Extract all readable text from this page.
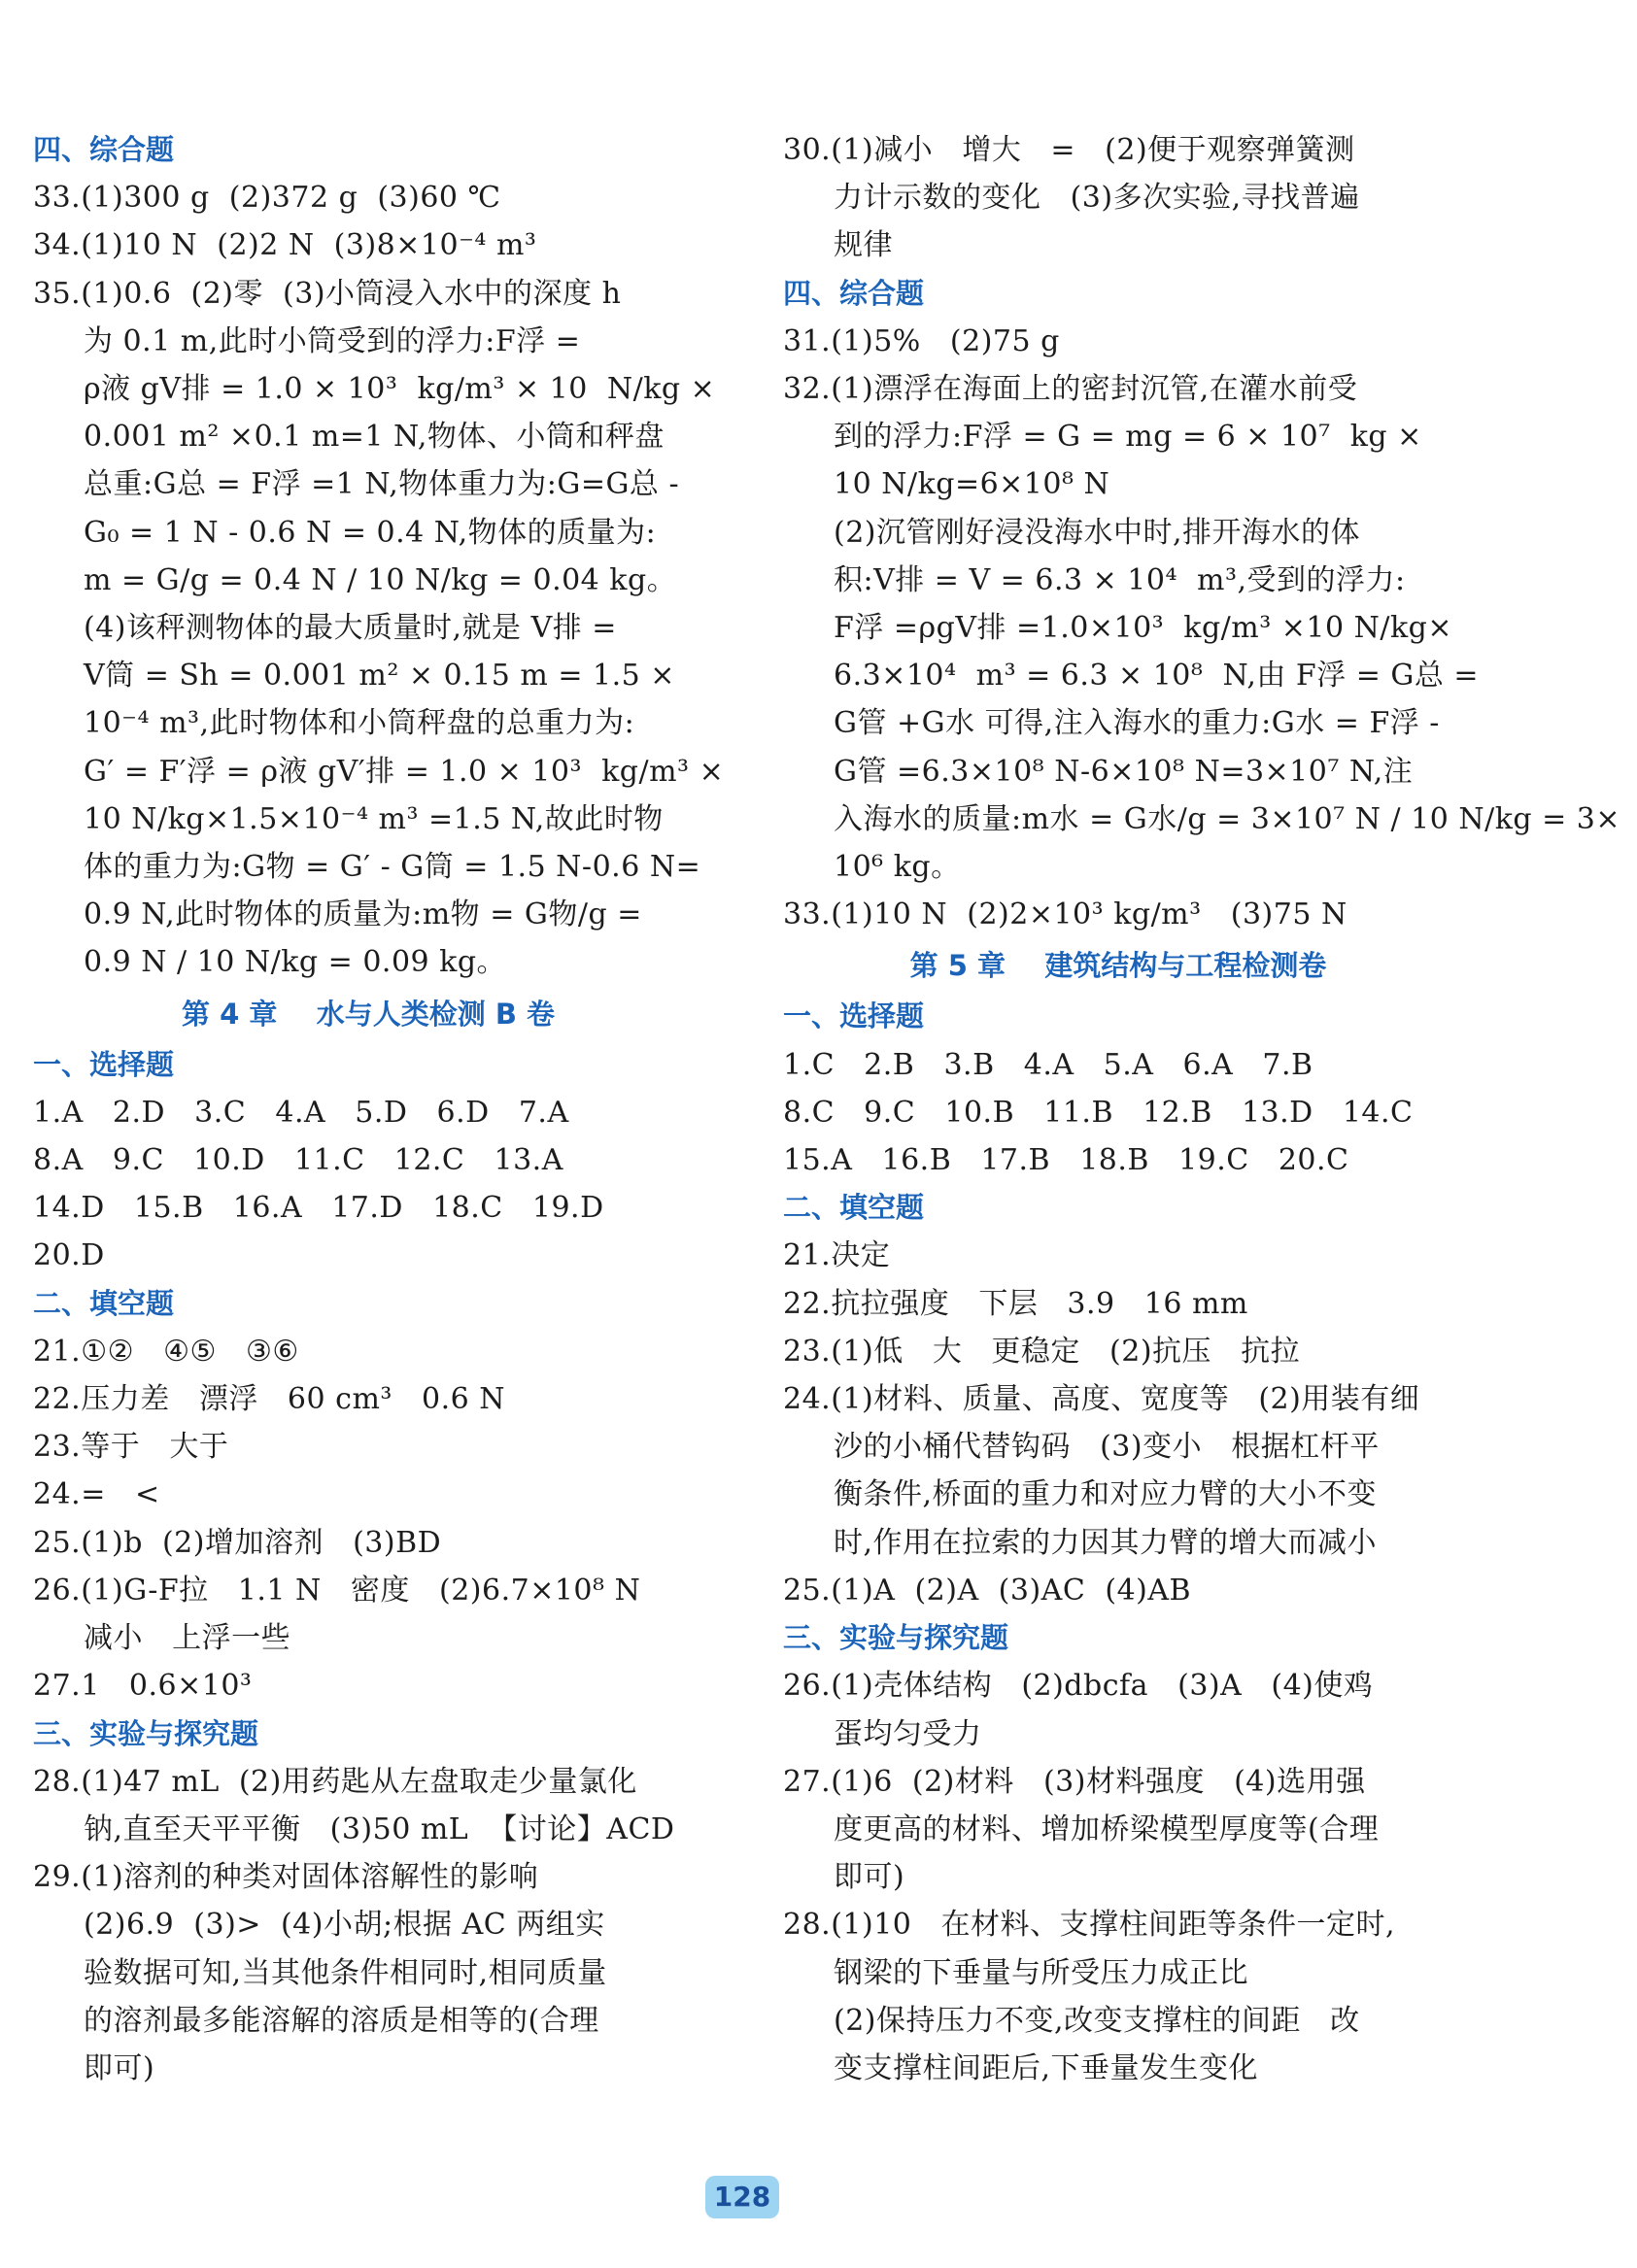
四、综合题
33.(1)300 g  (2)372 g  (3)60 ℃
34.(1)10 N  (2)2 N  (3)8×10⁻⁴ m³
35.(1)0.6  (2)零  (3)小筒浸入水中的深度 h
为 0.1 m,此时小筒受到的浮力:F浮 =
ρ液 gV排 = 1.0 × 10³  kg/m³ × 10  N/kg ×
0.001 m² ×0.1 m=1 N,物体、小筒和秤盘
总重:G总 = F浮 =1 N,物体重力为:G=G总 -
G₀ = 1 N - 0.6 N = 0.4 N,物体的质量为:
m = G/g = 0.4 N / 10 N/kg = 0.04 kg。
(4)该秤测物体的最大质量时,就是 V排 =
V筒 = Sh = 0.001 m² × 0.15 m = 1.5 ×
10⁻⁴ m³,此时物体和小筒秤盘的总重力为:
G′ = F′浮 = ρ液 gV′排 = 1.0 × 10³  kg/m³ ×
10 N/kg×1.5×10⁻⁴ m³ =1.5 N,故此时物
体的重力为:G物 = G′ - G筒 = 1.5 N-0.6 N=
0.9 N,此时物体的质量为:m物 = G物/g =
0.9 N / 10 N/kg = 0.09 kg。
第 4 章    水与人类检测 B 卷
一、选择题
1.A   2.D   3.C   4.A   5.D   6.D   7.A
8.A   9.C   10.D   11.C   12.C   13.A
14.D   15.B   16.A   17.D   18.C   19.D
20.D
二、填空题
21.①②   ④⑤   ③⑥
22.压力差   漂浮   60 cm³   0.6 N
23.等于   大于
24.=   <
25.(1)b  (2)增加溶剂   (3)BD
26.(1)G-F拉   1.1 N   密度   (2)6.7×10⁸ N
减小   上浮一些
27.1   0.6×10³
三、实验与探究题
28.(1)47 mL  (2)用药匙从左盘取走少量氯化
钠,直至天平平衡   (3)50 mL  【讨论】ACD
29.(1)溶剂的种类对固体溶解性的影响
(2)6.9  (3)>  (4)小胡;根据 AC 两组实
验数据可知,当其他条件相同时,相同质量
的溶剂最多能溶解的溶质是相等的(合理
即可)
30.(1)减小   增大   =   (2)便于观察弹簧测
力计示数的变化   (3)多次实验,寻找普遍
规律
四、综合题
31.(1)5%   (2)75 g
32.(1)漂浮在海面上的密封沉管,在灌水前受
到的浮力:F浮 = G = mg = 6 × 10⁷  kg ×
10 N/kg=6×10⁸ N
(2)沉管刚好浸没海水中时,排开海水的体
积:V排 = V = 6.3 × 10⁴  m³,受到的浮力:
F浮 =ρgV排 =1.0×10³  kg/m³ ×10 N/kg×
6.3×10⁴  m³ = 6.3 × 10⁸  N,由 F浮 = G总 =
G管 +G水 可得,注入海水的重力:G水 = F浮 -
G管 =6.3×10⁸ N-6×10⁸ N=3×10⁷ N,注
入海水的质量:m水 = G水/g = 3×10⁷ N / 10 N/kg = 3×
10⁶ kg。
33.(1)10 N  (2)2×10³ kg/m³   (3)75 N
第 5 章    建筑结构与工程检测卷
一、选择题
1.C   2.B   3.B   4.A   5.A   6.A   7.B
8.C   9.C   10.B   11.B   12.B   13.D   14.C
15.A   16.B   17.B   18.B   19.C   20.C
二、填空题
21.决定
22.抗拉强度   下层   3.9   16 mm
23.(1)低   大   更稳定   (2)抗压   抗拉
24.(1)材料、质量、高度、宽度等   (2)用装有细
沙的小桶代替钩码   (3)变小   根据杠杆平
衡条件,桥面的重力和对应力臂的大小不变
时,作用在拉索的力因其力臂的增大而减小
25.(1)A  (2)A  (3)AC  (4)AB
三、实验与探究题
26.(1)壳体结构   (2)dbcfa   (3)A   (4)使鸡
蛋均匀受力
27.(1)6  (2)材料   (3)材料强度   (4)选用强
度更高的材料、增加桥梁模型厚度等(合理
即可)
28.(1)10   在材料、支撑柱间距等条件一定时,
钢梁的下垂量与所受压力成正比
(2)保持压力不变,改变支撑柱的间距   改
变支撑柱间距后,下垂量发生变化
128
